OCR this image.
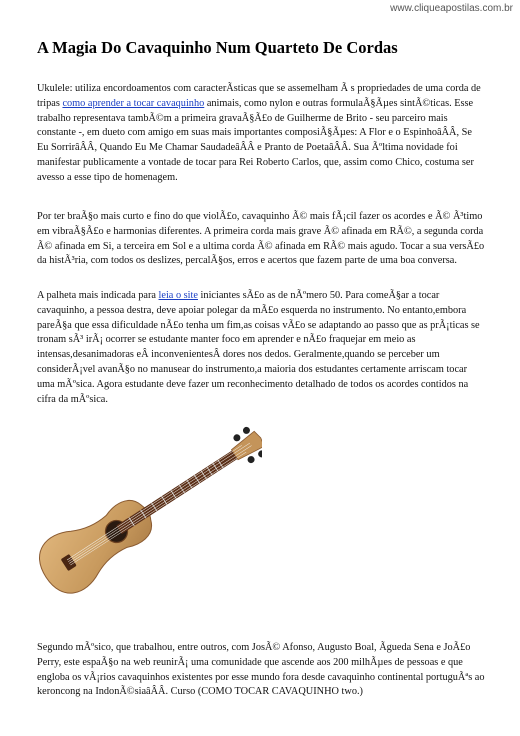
www.cliqueapostilas.com.br
A Magia Do Cavaquinho Num Quarteto De Cordas

Ukulele: utiliza encordoamentos com caracterÃsticas que se assemelham Ã s propriedades de uma corda de tripas como aprender a tocar cavaquinho animais, como nylon e outras formulaÃ§Ãµes sintÃ©ticas. Esse trabalho representava tambÃ©m a primeira gravaÃ§Ã£o de Guilherme de Brito - seu parceiro mais constante -, em dueto com amigo em suas mais importantes composiÃ§Ãµes: A Flor e o EspinhoâÂÂ, Se Eu SorrirâÂÂ, Quando Eu Me Chamar SaudadeâÂÂ e Pranto de PoetaâÂÂ. Sua Ãºltima novidade foi manifestar publicamente a vontade de tocar para Rei Roberto Carlos, que, assim como Chico, costuma ser avesso a esse tipo de homenagem.

Por ter braÃ§o mais curto e fino do que violÃ£o, cavaquinho Ã© mais fÃ¡cil fazer os acordes e Ã© Ã³timo em vibraÃ§Ã£o e harmonias diferentes. A primeira corda mais grave Ã© afinada em RÃ©, a segunda corda Ã© afinada em Si, a terceira em Sol e a ultima corda Ã© afinada em RÃ© mais agudo. Tocar a sua versÃ£o da histÃ³ria, com todos os deslizes, percalÃ§os, erros e acertos que fazem parte de uma boa conversa.

A palheta mais indicada para leia o site iniciantes sÃ£o as de nÃºmero 50. Para comeÃ§ar a tocar cavaquinho, a pessoa destra, deve apoiar polegar da mÃ£o esquerda no instrumento. No entanto,embora pareÃ§a que essa dificuldade nÃ£o tenha um fim,as coisas vÃ£o se adaptando ao passo que as prÃ¡ticas se tronam sÃ³ irÃ¡ ocorrer se estudante manter foco em aprender e nÃ£o fraquejar em meio as intensas,desanimadoras eÂ inconvenientesÂ dores nos dedos. Geralmente,quando se perceber um considerÃ¡vel avanÃ§o no manusear do instrumento,a maioria dos estudantes certamente arriscam tocar uma mÃºsica. Agora estudante deve fazer um reconhecimento detalhado de todos os acordes contidos na cifra da mÃºsica.

Segundo mÃºsico, que trabalhou, entre outros, com JosÃ© Afonso, Augusto Boal, Ãgueda Sena e JoÃ£o Perry, este espaÃ§o na web reunirÃ¡ uma comunidade que ascende aos 200 milhÃµes de pessoas e que engloba os vÃ¡rios cavaquinhos existentes por esse mundo fora desde cavaquinho continental portuguÃªs ao keroncong na IndonÃ©siaâÂÂ. Curso (COMO TOCAR CAVAQUINHO two.)
